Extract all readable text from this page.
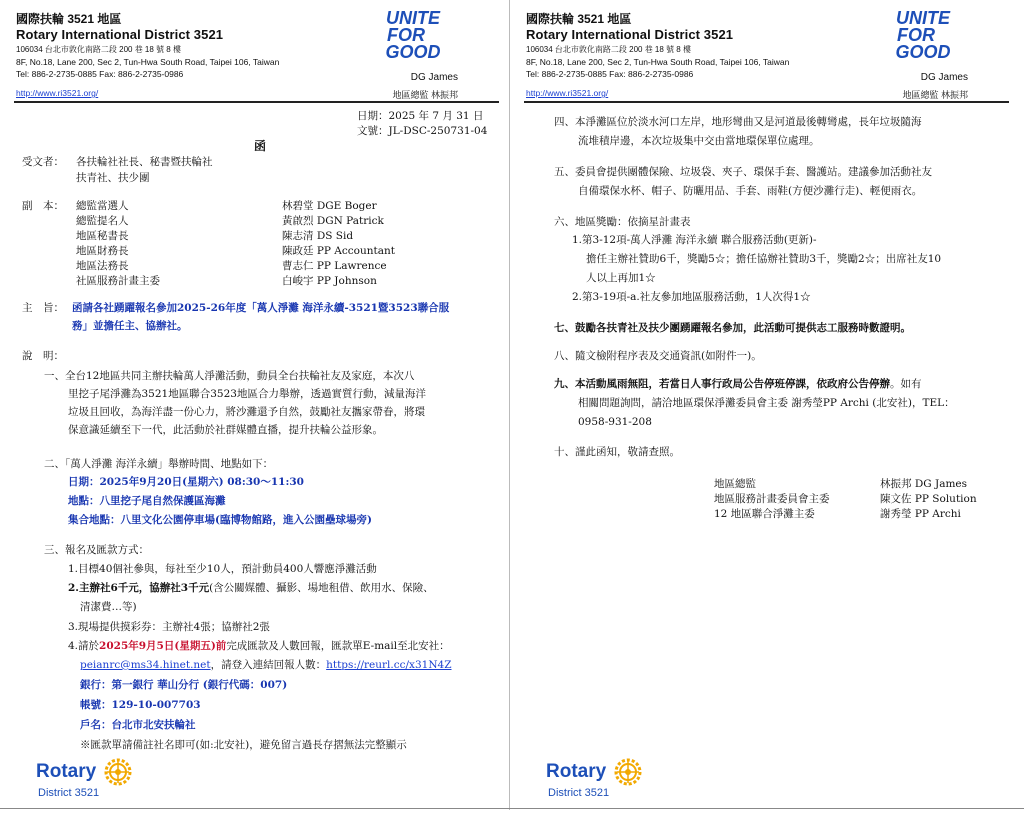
國際扶輪 3521 地區
Rotary International District 3521
106034 台北市敦化南路二段 200 巷 18 號 8 樓
8F, No.18, Lane 200, Sec 2, Tun-Hwa South Road, Taipei 106, Taiwan
Tel: 886-2-2735-0885 Fax: 886-2-2735-0986
http://www.ri3521.org/
UNITE
FOR
GOOD
DG James
地區總監 林振邦
日期：2025 年 7 月 31 日
文號：JL-DSC-250731-04
函
受文者： 各扶輪社社長、秘書暨扶輪社
扶青社、扶少團
副　本： 總監當選人	林碧堂 DGE Boger
總監提名人	黃啟烈 DGN Patrick
地區秘書長	陳志清 DS Sid
地區財務長	陳政廷 PP Accountant
地區法務長	曹志仁 PP Lawrence
社區服務計畫主委	白峻宇 PP Johnson
主　旨： 函請各社踴躍報名參加2025-26年度「萬人淨灘 海洋永續-3521暨3523聯合服
務」並擔任主、協辦社。
說　明：
一、全台12地區共同主辦扶輪萬人淨灘活動，動員全台扶輪社友及家庭，本次八
里挖子尾淨灘為3521地區聯合3523地區合力舉辦，透過實質行動，減量海洋
垃圾且回收，為海洋盡一份心力，將沙灘還予自然，鼓勵社友攜家帶眷，將環
保意識延續至下一代，此活動於社群媒體直播，提升扶輪公益形象。
二、「萬人淨灘 海洋永續」舉辦時間、地點如下：
日期：2025年9月20日(星期六) 08:30～11:30
地點：八里挖子尾自然保護區海灘
集合地點：八里文化公園停車場(臨博物館路，進入公園壘球場旁)
三、報名及匯款方式：
1.目標40個社參與，每社至少10人，預計動員400人響應淨灘活動
2.主辦社6千元，協辦社3千元(含公關媒體、攝影、場地租借、飲用水、保險、
清潔費…等)
3.現場提供摸彩券：主辦社4張；協辦社2張
4.請於2025年9月5日(星期五)前完成匯款及人數回報，匯款單E-mail至北安社：
peianrc@ms34.hinet.net，請登入連結回報人數：https://reurl.cc/x31N4Z
銀行：第一銀行 華山分行 (銀行代碼：007)
帳號：129-10-007703
戶名：台北市北安扶輪社
※匯款單請備註社名即可(如:北安社)，避免留言過長存摺無法完整顯示
Rotary
District 3521
國際扶輪 3521 地區
Rotary International District 3521
106034 台北市敦化南路二段 200 巷 18 號 8 樓
8F, No.18, Lane 200, Sec 2, Tun-Hwa South Road, Taipei 106, Taiwan
Tel: 886-2-2735-0885 Fax: 886-2-2735-0986
http://www.ri3521.org/
UNITE
FOR
GOOD
DG James
地區總監 林振邦
四、本淨灘區位於淡水河口左岸，地形彎曲又是河道最後轉彎處，長年垃圾隨海
流堆積岸邊，本次垃圾集中交由當地環保單位處理。
五、委員會提供團體保險、垃圾袋、夾子、環保手套、醫護站。建議參加活動社友
自備環保水杯、帽子、防曬用品、手套、雨鞋(方便沙灘行走)、輕便雨衣。
六、地區獎勵：依摘星計畫表
1.第3-12項-萬人淨灘 海洋永續 聯合服務活動(更新)-
擔任主辦社贊助6千，獎勵5☆；擔任協辦社贊助3千，獎勵2☆；出席社友10
人以上再加1☆
2.第3-19項-a.社友參加地區服務活動，1人次得1☆
七、鼓勵各扶青社及扶少團踴躍報名參加，此活動可提供志工服務時數證明。
八、隨文檢附程序表及交通資訊(如附件一)。
九、本活動風雨無阻，若當日人事行政局公告停班停課，依政府公告停辦。如有
相關問題詢問，請洽地區環保淨灘委員會主委 謝秀瑩PP Archi (北安社)，TEL：
0958-931-208
十、謹此函知，敬請查照。
地區總監	林振邦 DG James
地區服務計畫委員會主委	陳文佐 PP Solution
12 地區聯合淨灘主委	謝秀瑩 PP Archi
Rotary
District 3521
